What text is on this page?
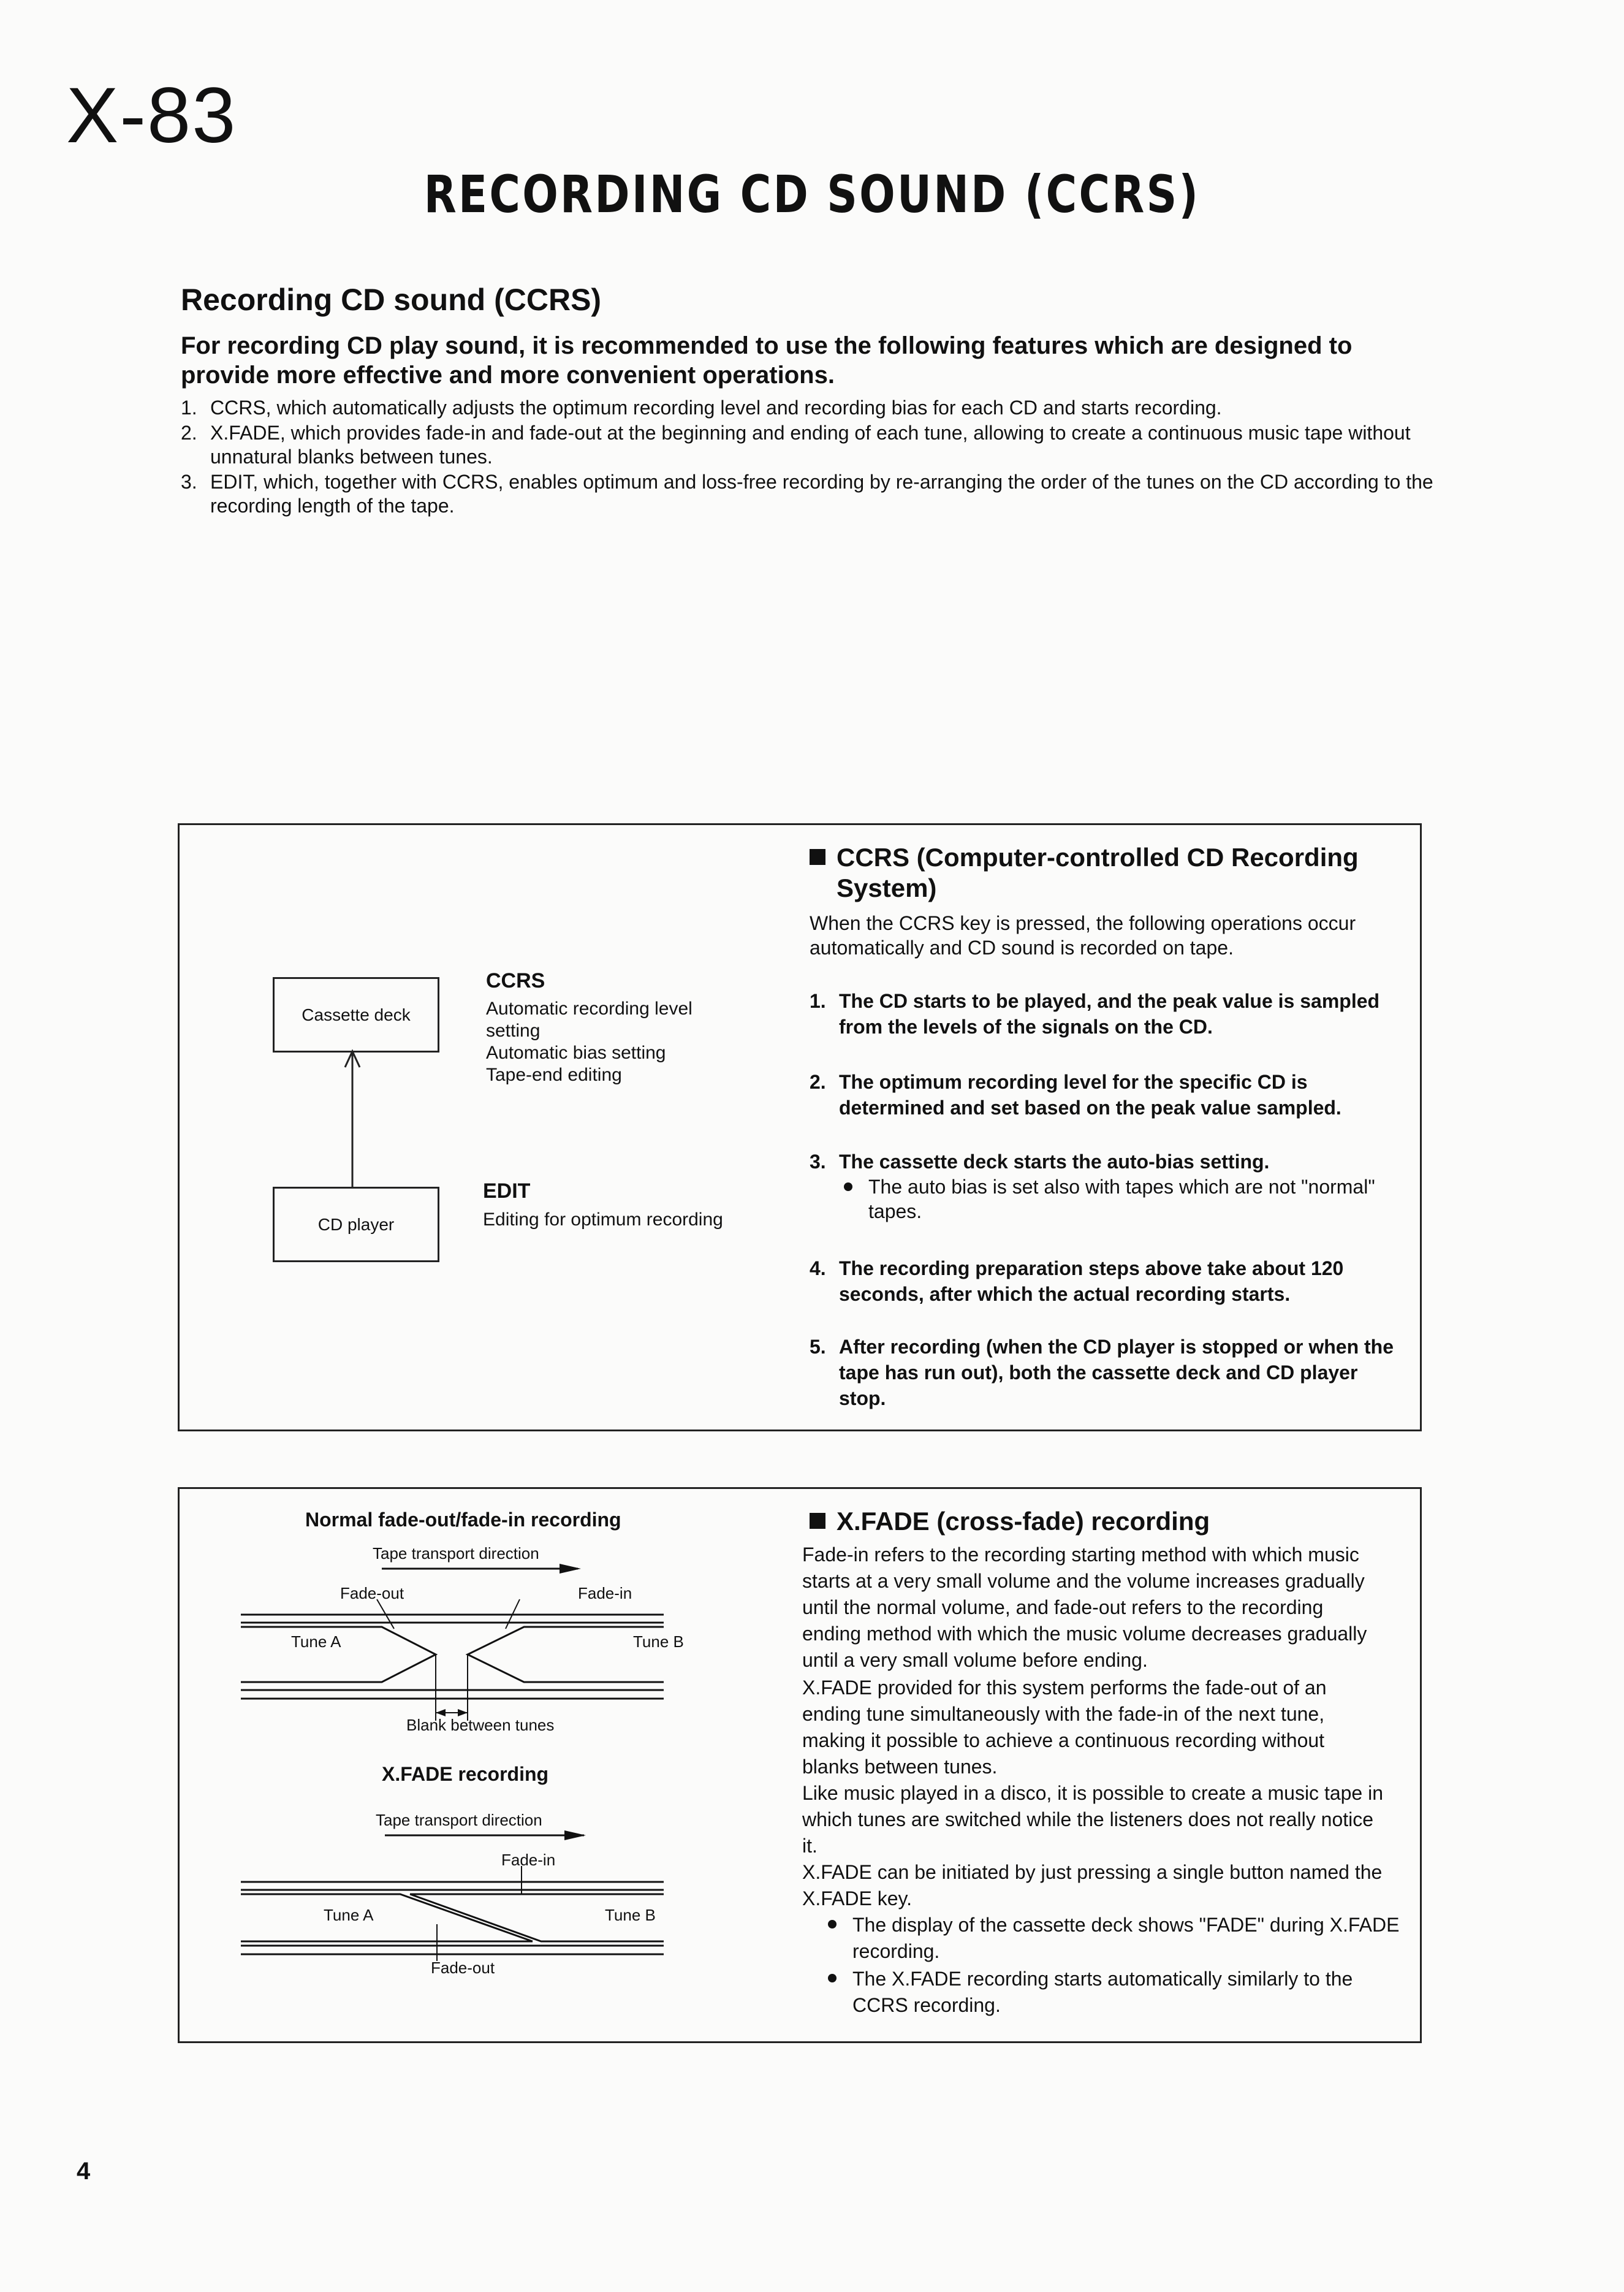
X-83
RECORDING CD SOUND (CCRS)
Recording CD sound (CCRS)

For recording CD play sound, it is recommended to use the following features which are designed to provide more effective and more convenient operations.

1. CCRS, which automatically adjusts the optimum recording level and recording bias for each CD and starts recording.
2. X.FADE, which provides fade-in and fade-out at the beginning and ending of each tune, allowing to create a continuous music tape without unnatural blanks between tunes.
3. EDIT, which, together with CCRS, enables optimum and loss-free recording by re-arranging the order of the tunes on the CD according to the recording length of the tape.
Cassette deck
CD player
CCRS
Automatic recording level
setting
Automatic bias setting
Tape-end editing
EDIT
Editing for optimum recording
CCRS (Computer-controlled CD Recording
System)
When the CCRS key is pressed, the following operations occur automatically and CD sound is recorded on tape.
1. The CD starts to be played, and the peak value is sampled from the levels of the signals on the CD.
2. The optimum recording level for the specific CD is determined and set based on the peak value sampled.
3. The cassette deck starts the auto-bias setting.
The auto bias is set also with tapes which are not "normal" tapes.
4. The recording preparation steps above take about 120 seconds, after which the actual recording starts.
5. After recording (when the CD player is stopped or when the tape has run out), both the cassette deck and CD player stop.
Normal fade-out/fade-in recording
Tape transport direction
Fade-out	Fade-in
Tune A	Tune B
Blank between tunes
X.FADE recording
Tape transport direction
Fade-in
Tune A	Tune B
Fade-out
X.FADE (cross-fade) recording
Fade-in refers to the recording starting method with which music starts at a very small volume and the volume increases gradually until the normal volume, and fade-out refers to the recording ending method with which the music volume decreases gradually until a very small volume before ending.
X.FADE provided for this system performs the fade-out of an ending tune simultaneously with the fade-in of the next tune, making it possible to achieve a continuous recording without blanks between tunes.
Like music played in a disco, it is possible to create a music tape in which tunes are switched while the listeners does not really notice it.
X.FADE can be initiated by just pressing a single button named the X.FADE key.
The display of the cassette deck shows "FADE" during X.FADE recording.
The X.FADE recording starts automatically similarly to the CCRS recording.
4
